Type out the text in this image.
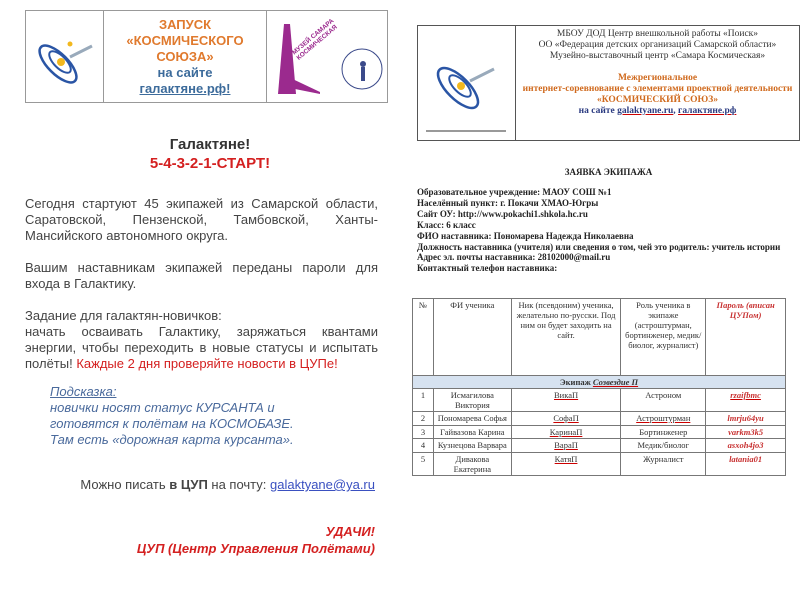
ЗАПУСК
«КОСМИЧЕСКОГО
СОЮЗА»
на сайте
галактяне.рф!
МУЗЕЙ САМАРА КОСМИЧЕСКАЯ
Галактяне!
5-4-3-2-1-СТАРТ!

Сегодня стартуют 45 экипажей из Самарской области, Саратовской, Пензенской, Тамбовской, Ханты-Мансийского автономного округа.

Вашим наставникам экипажей переданы пароли для входа в Галактику.

Задание для галактян-новичков:

начать осваивать Галактику, заряжаться квантами энергии, чтобы переходить в новые статусы и испытать полёты! Каждые 2 дня проверяйте новости в ЦУПе!

Подсказка:
новички носят статус КУРСАНТА и
готовятся к полётам на КОСМОБАЗЕ.
Там есть «дорожная карта курсанта».
Можно писать в ЦУП на почту: galaktyane@ya.ru
УДАЧИ!
ЦУП (Центр Управления Полётами)
МБОУ ДОД Центр внешкольной работы «Поиск»
ОО «Федерация детских организаций Самарской области»
Музейно-выставочный центр «Самара Космическая»
Межрегиональное
интернет-соревнование с элементами проектной деятельности
«КОСМИЧЕСКИЙ СОЮЗ»
на сайте galaktyane.ru, галактяне.рф
ЗАЯВКА ЭКИПАЖА
Образовательное учреждение: МАОУ СОШ №1
Населённый пункт: г. Покачи ХМАО-Югры
Сайт ОУ: http://www.pokachi1.shkola.hc.ru
Класс: 6 класс
ФИО наставника: Пономарева Надежда Николаевна
Должность наставника (учителя) или сведения о том, чей это родитель: учитель истории
Адрес эл. почты наставника: 28102000@mail.ru
Контактный телефон наставника:
№	ФИ ученика	Ник (псевдоним) ученика, желательно по-русски. Под ним он будет заходить на сайт.	Роль ученика в экипаже (астроштурман, бортинженер, медик/биолог, журналист)	Пароль (вписан ЦУПом)
Экипаж Созвездие П				
1	Исмагилова Виктория	ВикаП	Астроном	rzaifbmc
2	Пономарева Софья	СофаП	Астроштурман	lmrju64yu
3	Гайвазова Карина	КаринаП	Бортинженер	varkm3k5
4	Кузнецова Варвара	ВараП	Медик/биолог	asxoh4jo3
5	Дивакова Екатерина	КатяП	Журналист	latania01
